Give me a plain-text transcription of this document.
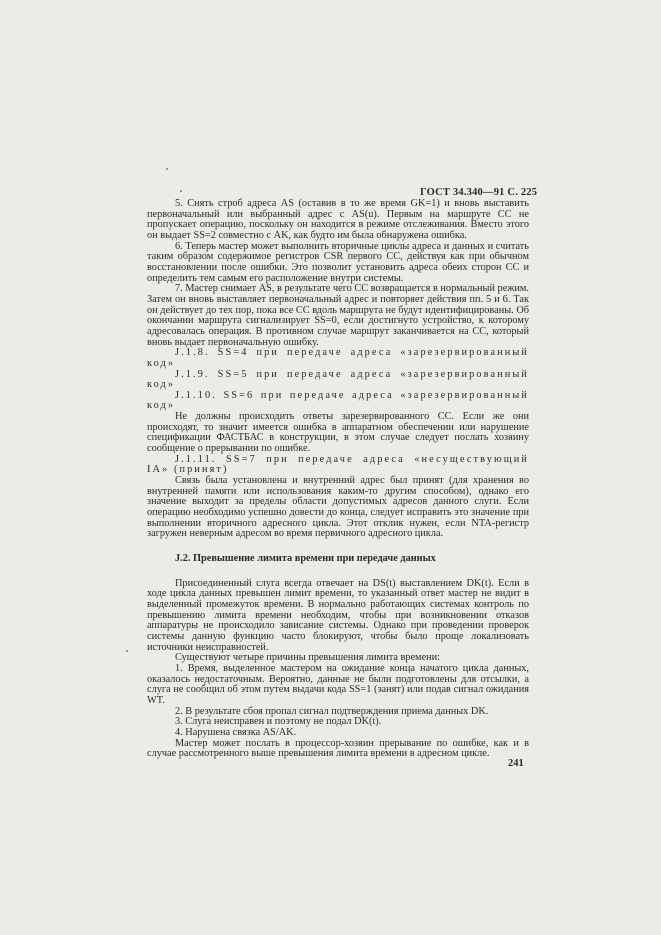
ГОСТ 34.340—91 С. 225

5. Снять строб адреса AS (оставив в то же время GK=1) и вновь выставить первоначальный или выбранный адрес с AS(u). Первым на маршруте CC не пропускает операцию, поскольку он находится в режиме отслеживания. Вместо этого он выдает SS=2 совместно с AK, как будто им была обнаружена ошибка.

6. Теперь мастер может выполнить вторичные циклы адреса и данных и считать таким образом содержимое регистров CSR первого CC, действуя как при обычном восстановлении после ошибки. Это позволит установить адреса обеих сторон CC и определить тем самым его расположение внутри системы.

7. Мастер снимает AS, в результате чего CC возвращается в нормальный режим. Затем он вновь выставляет первоначальный адрес и повторяет действия пп. 5 и 6. Так он действует до тех пор, пока все CC вдоль маршрута не будут идентифицированы. Об окончании маршрута сигнализирует SS=0, если достигнуто устройство, к которому адресовалась операция. В противном случае маршрут заканчивается на CC, который вновь выдает первоначальную ошибку.

J.1.8. SS=4 при передаче адреса «зарезервированный код»

J.1.9. SS=5 при передаче адреса «зарезервированный код»

J.1.10. SS=6 при передаче адреса «зарезервированный код»

Не должны происходить ответы зарезервированного CC. Если же они происходят, то значит имеется ошибка в аппаратном обеспечении или нарушение спецификации ФАСТБАС в конструкции, в этом случае следует послать хозяину сообщение о прерывании по ошибке.

J.1.11. SS=7 при передаче адреса «несуществующий IA» (принят)

Связь была установлена и внутренний адрес был принят (для хранения во внутренней памяти или использования каким-то другим способом), однако его значение выходит за пределы области допустимых адресов данного слуги. Если операцию необходимо успешно довести до конца, следует исправить это значение при выполнении вторичного адресного цикла. Этот отклик нужен, если NTA-регистр загружен неверным адресом во время первичного адресного цикла.

J.2. Превышение лимита времени при передаче данных

Присоединенный слуга всегда отвечает на DS(t) выставлением DK(t). Если в ходе цикла данных превышен лимит времени, то указанный ответ мастер не видит в выделенный промежуток времени. В нормально работающих системах контроль по превышению лимита времени необходим, чтобы при возникновении отказов аппаратуры не происходило зависание системы. Однако при проведении проверок системы данную функцию часто блокируют, чтобы было проще локализовать источники неисправностей.

Существуют четыре причины превышения лимита времени:

1. Время, выделенное мастером на ожидание конца начатого цикла данных, оказалось недостаточным. Вероятно, данные не были подготовлены для отсылки, а слуга не сообщил об этом путем выдачи кода SS=1 (занят) или подав сигнал ожидания WT.

2. В результате сбоя пропал сигнал подтверждения приема данных DK.

3. Слуга неисправен и поэтому не подал DK(t).

4. Нарушена связка AS/AK.

Мастер может послать в процессор-хозяин прерывание по ошибке, как и в случае рассмотренного выше превышения лимита времени в адресном цикле.

241
